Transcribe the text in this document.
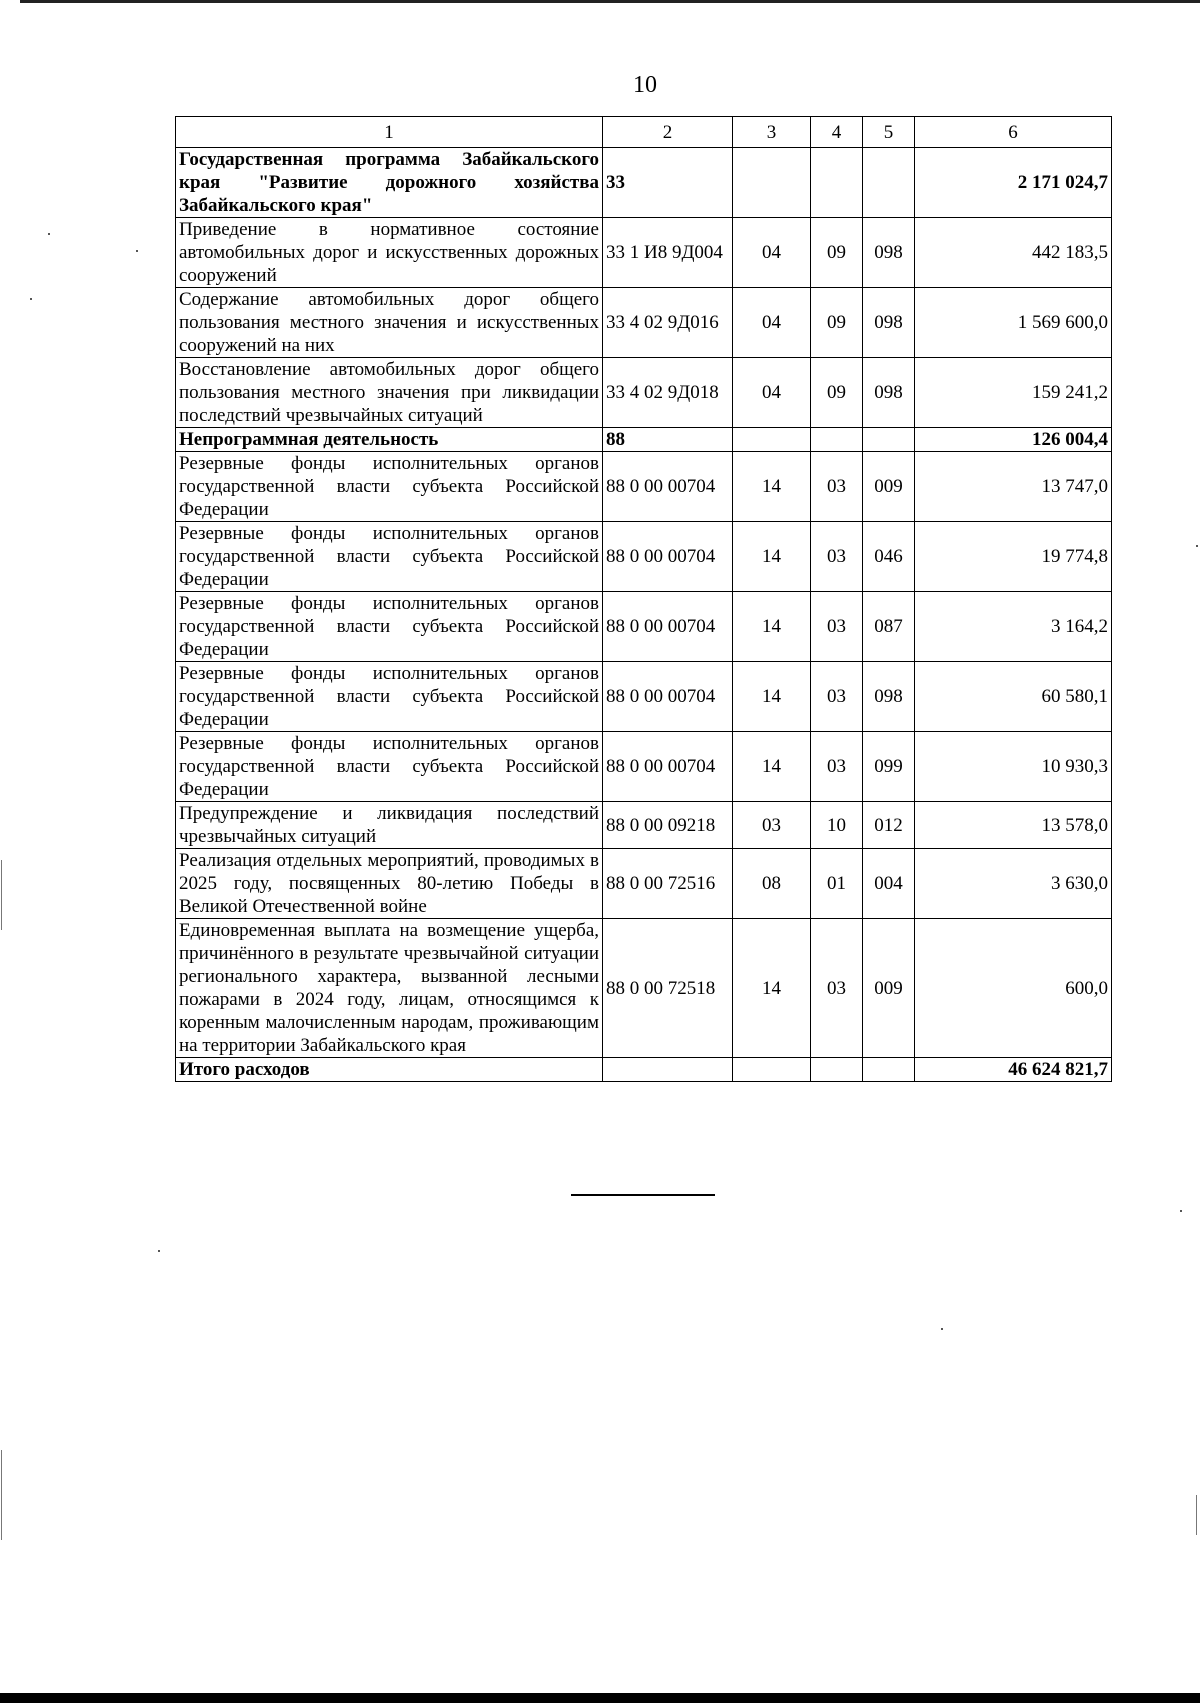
10
1	2	3	4	5	6
Государственная программа Забайкальского края "Развитие дорожного хозяйства Забайкальского края"	33				2 171 024,7
Приведение в нормативное состояние автомобильных дорог и искусственных дорожных сооружений	33 1 И8 9Д004	04	09	098	442 183,5
Содержание автомобильных дорог общего пользования местного значения и искусственных сооружений на них	33 4 02 9Д016	04	09	098	1 569 600,0
Восстановление автомобильных дорог общего пользования местного значения при ликвидации последствий чрезвычайных ситуаций	33 4 02 9Д018	04	09	098	159 241,2
Непрограммная деятельность	88				126 004,4
Резервные фонды исполнительных органов государственной власти субъекта Российской Федерации	88 0 00 00704	14	03	009	13 747,0
Резервные фонды исполнительных органов государственной власти субъекта Российской Федерации	88 0 00 00704	14	03	046	19 774,8
Резервные фонды исполнительных органов государственной власти субъекта Российской Федерации	88 0 00 00704	14	03	087	3 164,2
Резервные фонды исполнительных органов государственной власти субъекта Российской Федерации	88 0 00 00704	14	03	098	60 580,1
Резервные фонды исполнительных органов государственной власти субъекта Российской Федерации	88 0 00 00704	14	03	099	10 930,3
Предупреждение и ликвидация последствий чрезвычайных ситуаций	88 0 00 09218	03	10	012	13 578,0
Реализация отдельных мероприятий, проводимых в 2025 году, посвященных 80-летию Победы в Великой Отечественной войне	88 0 00 72516	08	01	004	3 630,0
Единовременная выплата на возмещение ущерба, причинённого в результате чрезвычайной ситуации регионального характера, вызванной лесными пожарами в 2024 году, лицам, относящимся к коренным малочисленным народам, проживающим на территории Забайкальского края	88 0 00 72518	14	03	009	600,0
Итого расходов					46 624 821,7
